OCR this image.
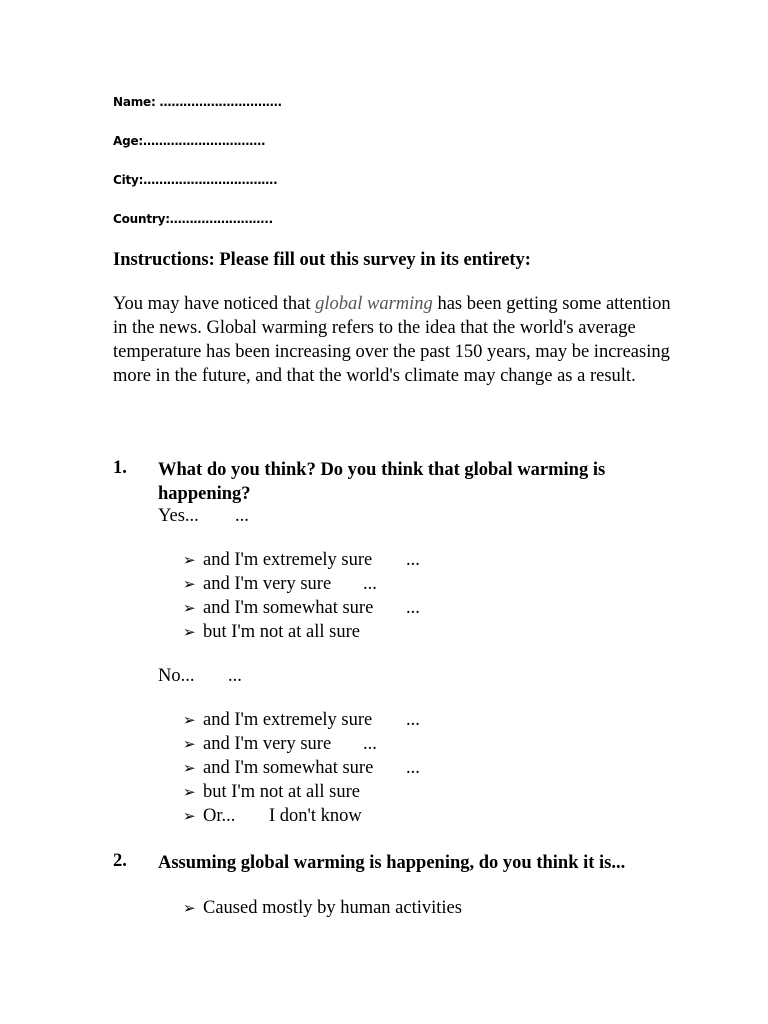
Name: ………………………….
Age:………………………….
City:…………………………….
Country:……………………..
Instructions: Please fill out this survey in its entirety:

You may have noticed that global warming has been getting some attention in the news. Global warming refers to the idea that the world's average temperature has been increasing over the past 150 years, may be increasing more in the future, and that the world's climate may change as a result.

1. What do you think? Do you think that global warming is happening?
Yes... ...
➢ and I'm extremely sure ...
➢ and I'm very sure ...
➢ and I'm somewhat sure ...
➢ but I'm not at all sure
No... ...
➢ and I'm extremely sure ...
➢ and I'm very sure ...
➢ and I'm somewhat sure ...
➢ but I'm not at all sure
➢ Or... I don't know
2. Assuming global warming is happening, do you think it is...
➢ Caused mostly by human activities
